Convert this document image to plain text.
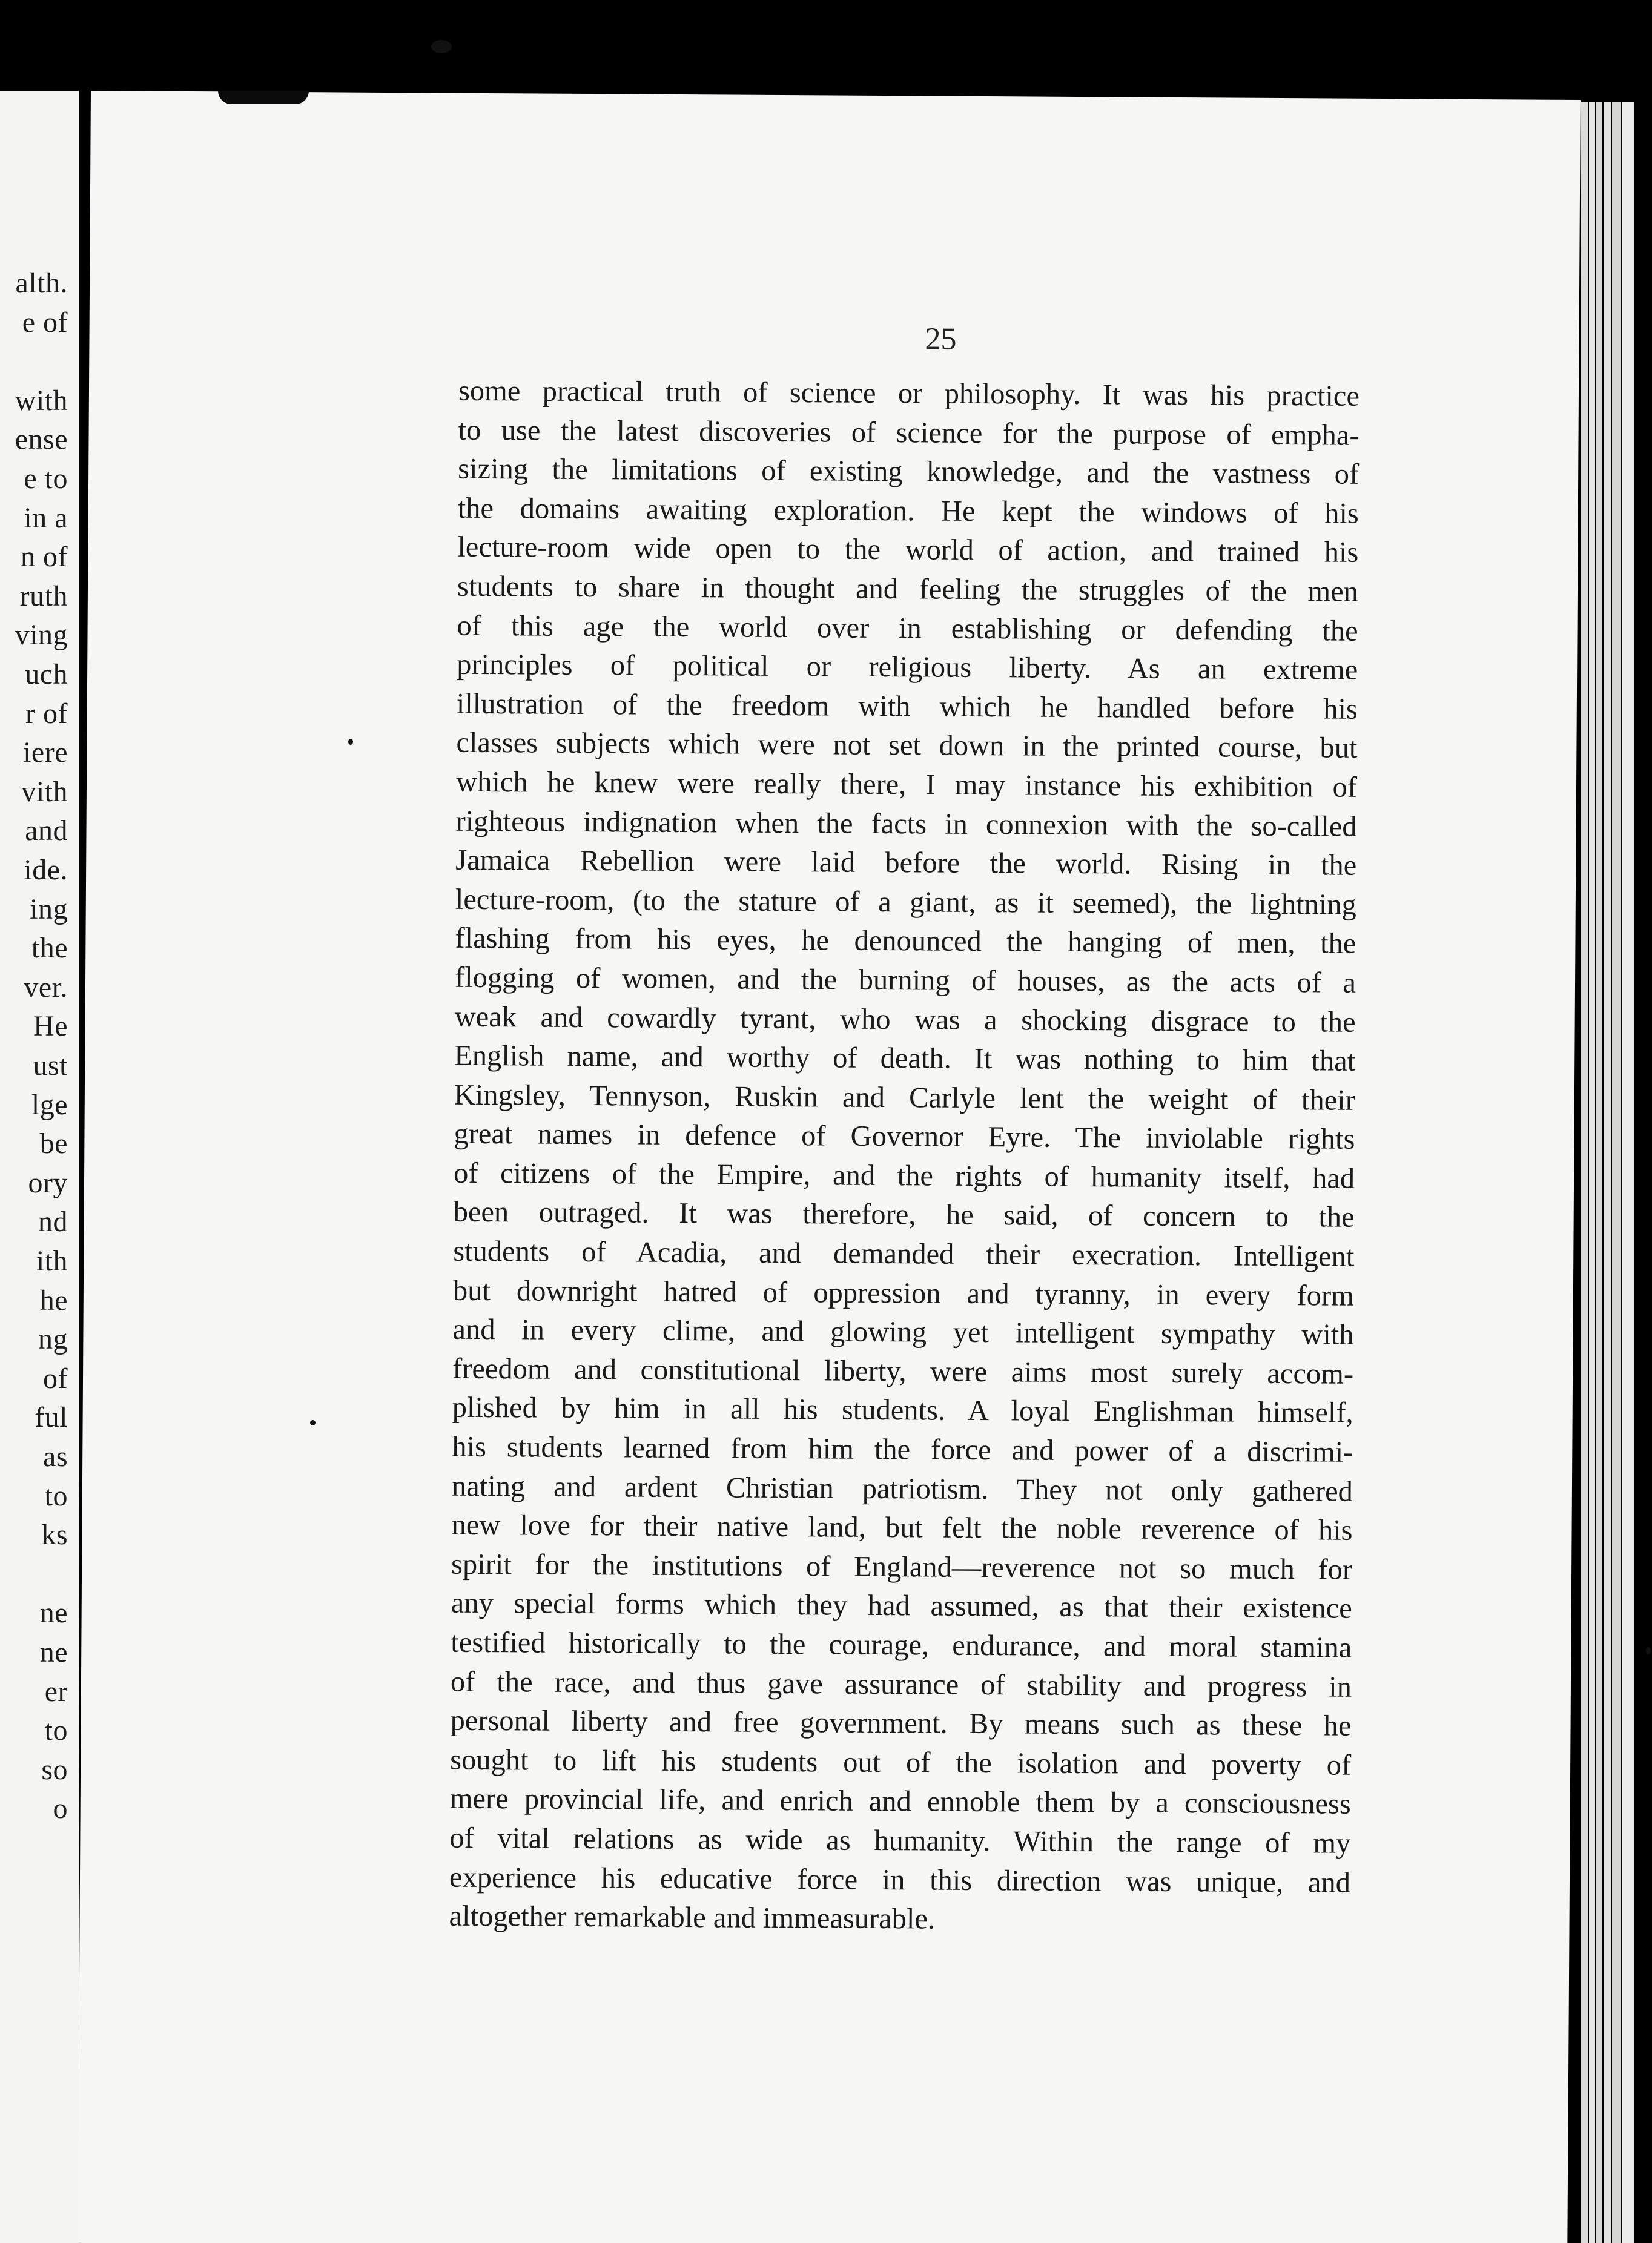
alth.
e of
with
ense
e to
in a
n of
ruth
ving
uch
r of
iere
vith
and
ide.
ing
the
ver.
He
ust
lge
be
ory
nd
ith
he
ng
of
ful
as
to
ks
ne
ne
er
to
so
o
25
some practical truth of science or philosophy. It was his practice
to use the latest discoveries of science for the purpose of empha-
sizing the limitations of existing knowledge, and the vastness of
the domains awaiting exploration. He kept the windows of his
lecture-room wide open to the world of action, and trained his
students to share in thought and feeling the struggles of the men
of this age the world over in establishing or defending the
principles of political or religious liberty. As an extreme
illustration of the freedom with which he handled before his
classes subjects which were not set down in the printed course, but
which he knew were really there, I may instance his exhibition of
righteous indignation when the facts in connexion with the so-called
Jamaica Rebellion were laid before the world. Rising in the
lecture-room, (to the stature of a giant, as it seemed), the lightning
flashing from his eyes, he denounced the hanging of men, the
flogging of women, and the burning of houses, as the acts of a
weak and cowardly tyrant, who was a shocking disgrace to the
English name, and worthy of death. It was nothing to him that
Kingsley, Tennyson, Ruskin and Carlyle lent the weight of their
great names in defence of Governor Eyre. The inviolable rights
of citizens of the Empire, and the rights of humanity itself, had
been outraged. It was therefore, he said, of concern to the
students of Acadia, and demanded their execration. Intelligent
but downright hatred of oppression and tyranny, in every form
and in every clime, and glowing yet intelligent sympathy with
freedom and constitutional liberty, were aims most surely accom-
plished by him in all his students. A loyal Englishman himself,
his students learned from him the force and power of a discrimi-
nating and ardent Christian patriotism. They not only gathered
new love for their native land, but felt the noble reverence of his
spirit for the institutions of England—reverence not so much for
any special forms which they had assumed, as that their existence
testified historically to the courage, endurance, and moral stamina
of the race, and thus gave assurance of stability and progress in
personal liberty and free government. By means such as these he
sought to lift his students out of the isolation and poverty of
mere provincial life, and enrich and ennoble them by a consciousness
of vital relations as wide as humanity. Within the range of my
experience his educative force in this direction was unique, and
altogether remarkable and immeasurable.
